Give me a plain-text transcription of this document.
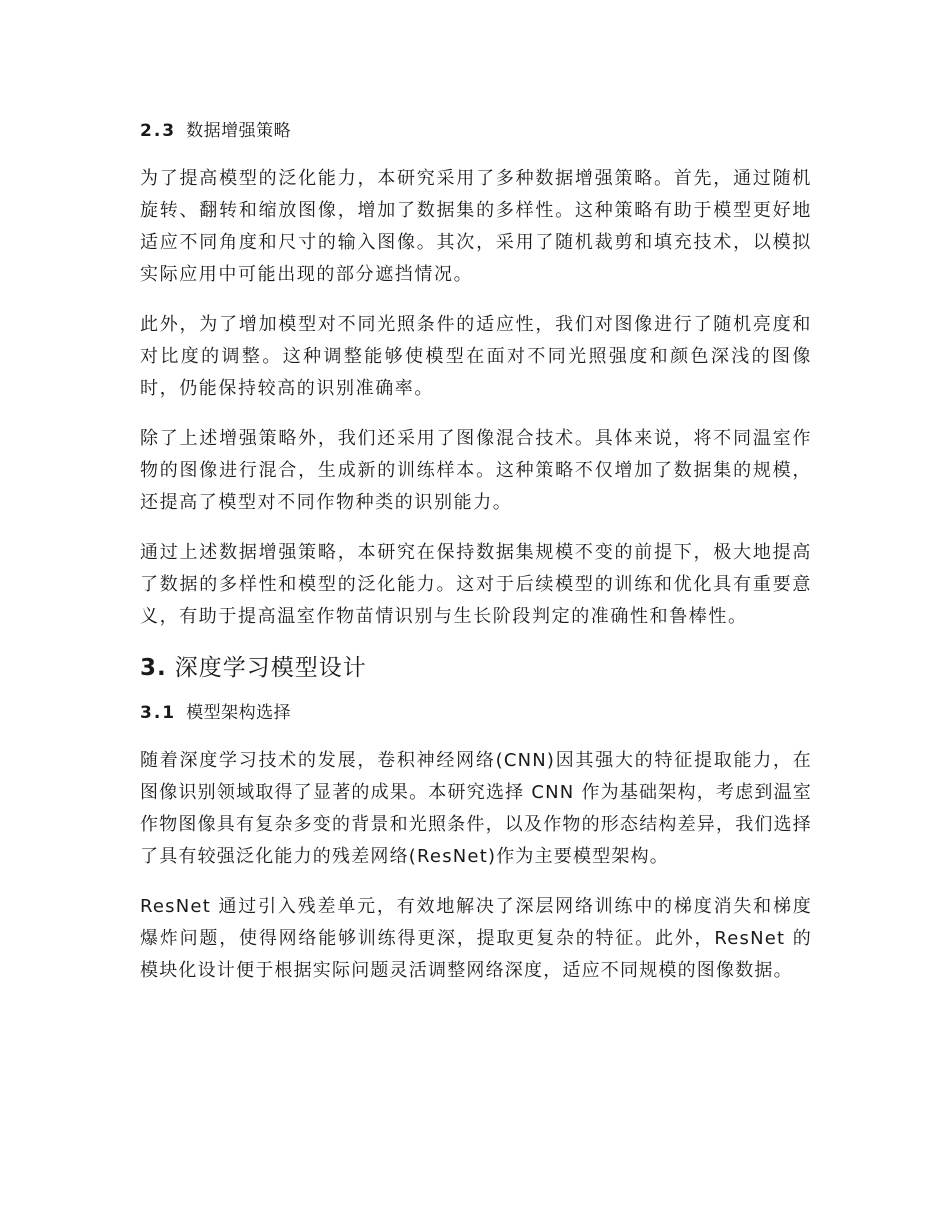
2.3 数据增强策略

为了提高模型的泛化能力，本研究采用了多种数据增强策略。首先，通过随机旋转、翻转和缩放图像，增加了数据集的多样性。这种策略有助于模型更好地适应不同角度和尺寸的输入图像。其次，采用了随机裁剪和填充技术，以模拟实际应用中可能出现的部分遮挡情况。

此外，为了增加模型对不同光照条件的适应性，我们对图像进行了随机亮度和对比度的调整。这种调整能够使模型在面对不同光照强度和颜色深浅的图像时，仍能保持较高的识别准确率。

除了上述增强策略外，我们还采用了图像混合技术。具体来说，将不同温室作物的图像进行混合，生成新的训练样本。这种策略不仅增加了数据集的规模，还提高了模型对不同作物种类的识别能力。

通过上述数据增强策略，本研究在保持数据集规模不变的前提下，极大地提高了数据的多样性和模型的泛化能力。这对于后续模型的训练和优化具有重要意义，有助于提高温室作物苗情识别与生长阶段判定的准确性和鲁棒性。

3. 深度学习模型设计
3.1 模型架构选择

随着深度学习技术的发展，卷积神经网络(CNN)因其强大的特征提取能力，在图像识别领域取得了显著的成果。本研究选择 CNN 作为基础架构，考虑到温室作物图像具有复杂多变的背景和光照条件，以及作物的形态结构差异，我们选择了具有较强泛化能力的残差网络(ResNet)作为主要模型架构。

ResNet 通过引入残差单元，有效地解决了深层网络训练中的梯度消失和梯度爆炸问题，使得网络能够训练得更深，提取更复杂的特征。此外，ResNet 的模块化设计便于根据实际问题灵活调整网络深度，适应不同规模的图像数据。
